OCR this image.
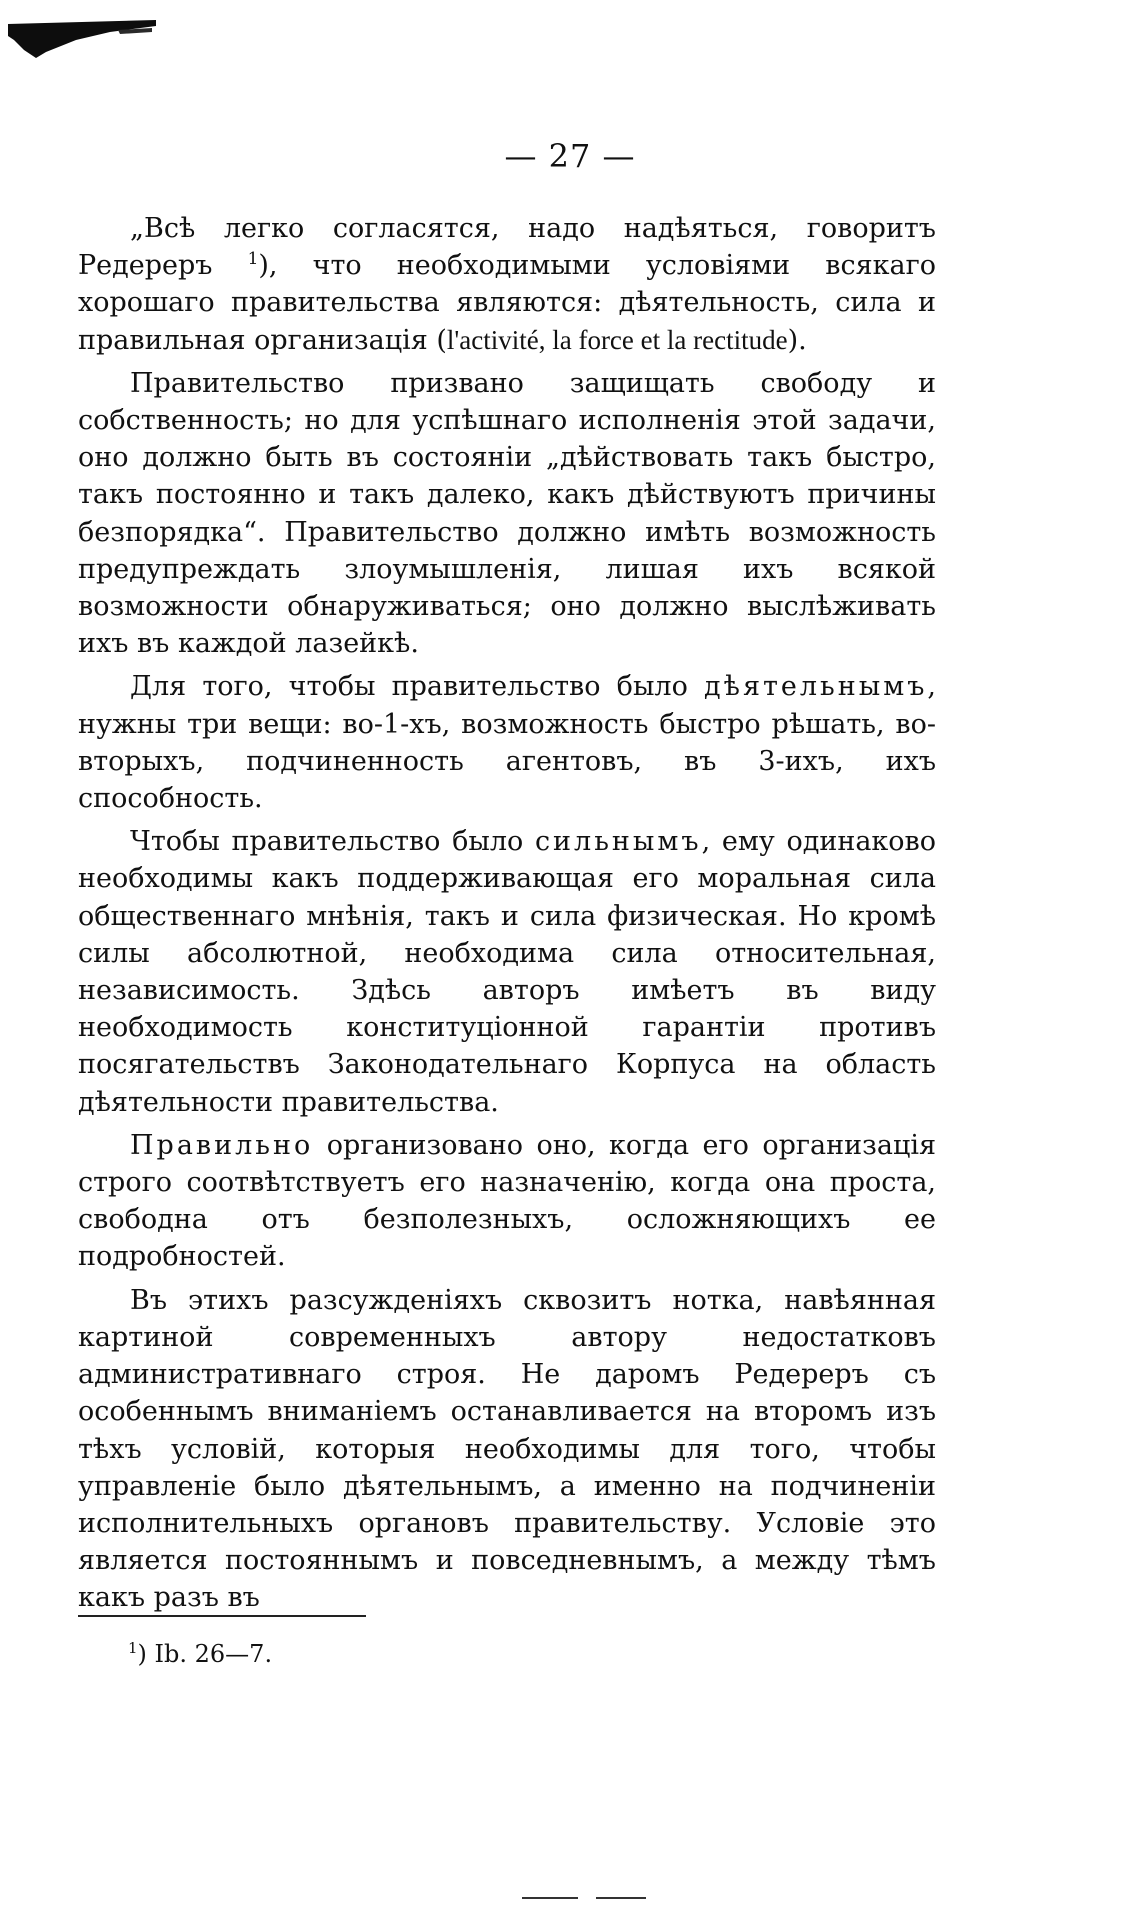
— 27 —

„Всѣ легко согласятся, надо надѣяться, говоритъ Редереръ $^1$), что необходимыми условіями всякаго хорошаго правительства являются: дѣятельность, сила и правильная организація (l'activité, la force et la rectitude).

Правительство призвано защищать свободу и собственность; но для успѣшнаго исполненія этой задачи, оно должно быть въ состояніи „дѣйствовать такъ быстро, такъ постоянно и такъ далеко, какъ дѣйствуютъ причины безпорядка“. Правительство должно имѣть возможность предупреждать злоумышленія, лишая ихъ всякой возможности обнаруживаться; оно должно выслѣживать ихъ въ каждой лазейкѣ.

Для того, чтобы правительство было дѣятельнымъ, нужны три вещи: во-1-хъ, возможность быстро рѣшать, во-вторыхъ, подчиненность агентовъ, въ 3-ихъ, ихъ способность.

Чтобы правительство было сильнымъ, ему одинаково необходимы какъ поддерживающая его моральная сила общественнаго мнѣнія, такъ и сила физическая. Но кромѣ силы абсолютной, необходима сила относительная, независимость. Здѣсь авторъ имѣетъ въ виду необходимость конституціонной гарантіи противъ посягательствъ Законодательнаго Корпуса на область дѣятельности правительства.

Правильно организовано оно, когда его организація строго соотвѣтствуетъ его назначенію, когда она проста, свободна отъ безполезныхъ, осложняющихъ ее подробностей.

Въ этихъ разсужденіяхъ сквозитъ нотка, навѣянная картиной современныхъ автору недостатковъ административнаго строя. Не даромъ Редереръ съ особеннымъ вниманіемъ останавливается на второмъ изъ тѣхъ условій, которыя необходимы для того, чтобы управленіе было дѣятельнымъ, а именно на подчиненіи исполнительныхъ органовъ правительству. Условіе это является постояннымъ и повседневнымъ, а между тѣмъ какъ разъ въ

$^1$) Ib. 26—7.
